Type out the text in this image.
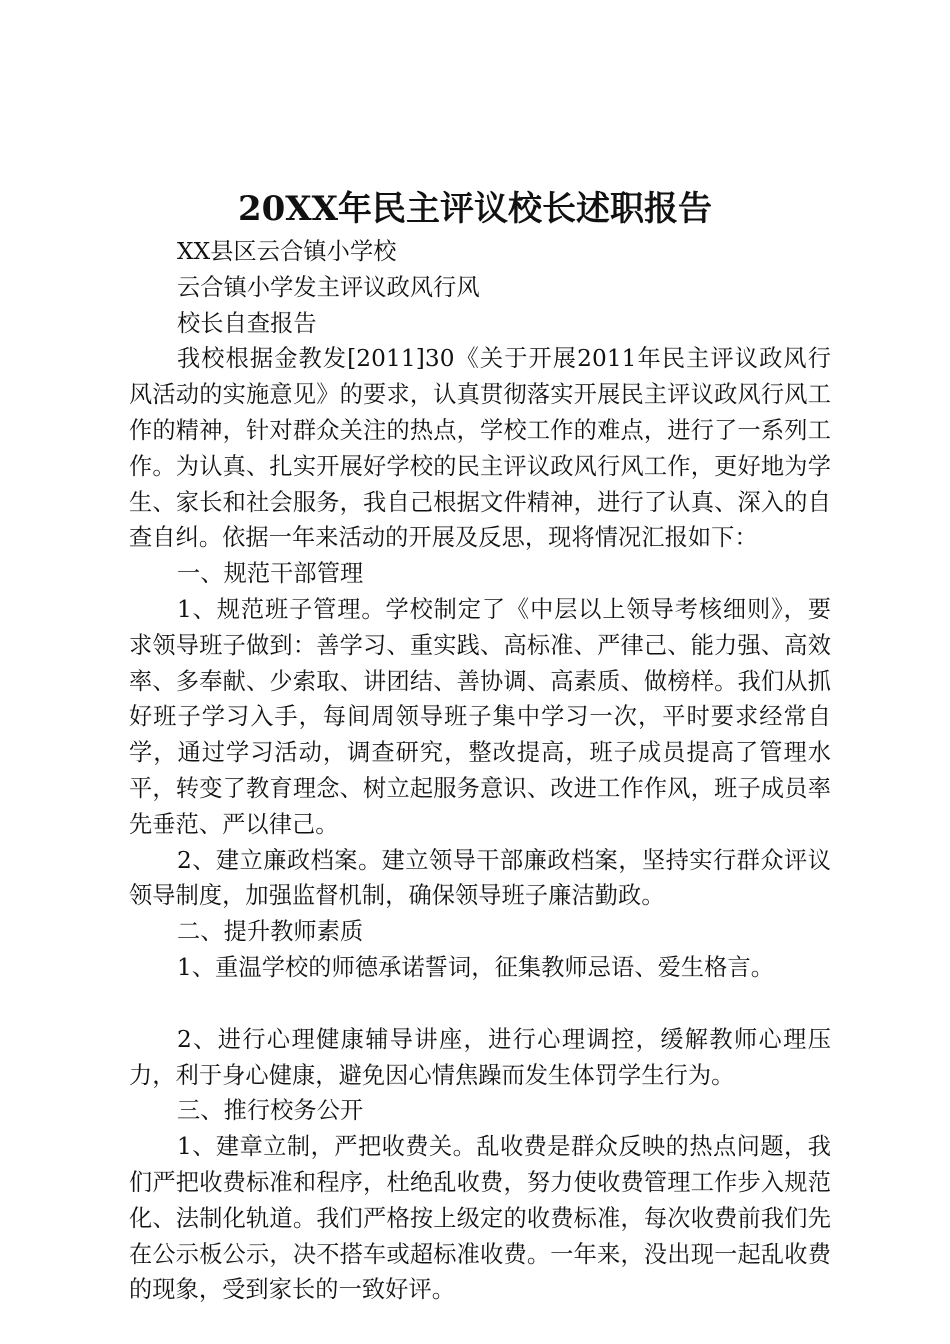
20XX年民主评议校长述职报告

XX县区云合镇小学校

云合镇小学发主评议政风行风

校长自查报告

我校根据金教发[2011]30《关于开展2011年民主评议政风行风活动的实施意见》的要求，认真贯彻落实开展民主评议政风行风工作的精神，针对群众关注的热点，学校工作的难点，进行了一系列工作。为认真、扎实开展好学校的民主评议政风行风工作，更好地为学生、家长和社会服务，我自己根据文件精神，进行了认真、深入的自查自纠。依据一年来活动的开展及反思，现将情况汇报如下：

一、规范干部管理

1、规范班子管理。学校制定了《中层以上领导考核细则》，要求领导班子做到：善学习、重实践、高标准、严律己、能力强、高效率、多奉献、少索取、讲团结、善协调、高素质、做榜样。我们从抓好班子学习入手，每间周领导班子集中学习一次，平时要求经常自学，通过学习活动，调查研究，整改提高，班子成员提高了管理水平，转变了教育理念、树立起服务意识、改进工作作风，班子成员率先垂范、严以律己。

2、建立廉政档案。建立领导干部廉政档案，坚持实行群众评议领导制度，加强监督机制，确保领导班子廉洁勤政。

二、提升教师素质

1、重温学校的师德承诺誓词，征集教师忌语、爱生格言。

2、进行心理健康辅导讲座，进行心理调控，缓解教师心理压力，利于身心健康，避免因心情焦躁而发生体罚学生行为。

三、推行校务公开

1、建章立制，严把收费关。乱收费是群众反映的热点问题，我们严把收费标准和程序，杜绝乱收费，努力使收费管理工作步入规范化、法制化轨道。我们严格按上级定的收费标准，每次收费前我们先在公示板公示，决不搭车或超标准收费。一年来，没出现一起乱收费的现象，受到家长的一致好评。
